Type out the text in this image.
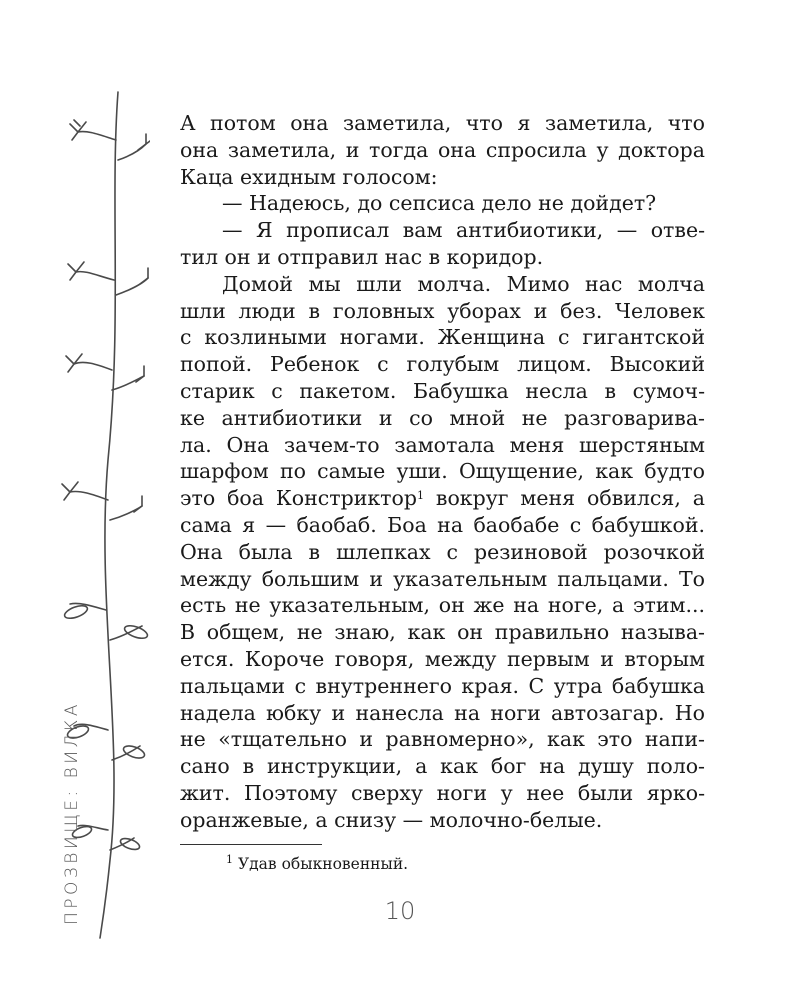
ПРОЗВИЩЕ: ВИЛКА
А потом она заметила, что я заметила, что
она заметила, и тогда она спросила у доктора
Каца ехидным голосом:
— Надеюсь, до сепсиса дело не дойдет?
— Я прописал вам антибиотики, — отве-
тил он и отправил нас в коридор.
Домой мы шли молча. Мимо нас молча
шли люди в головных уборах и без. Человек
с козлиными ногами. Женщина с гигантской
попой. Ребенок с голубым лицом. Высокий
старик с пакетом. Бабушка несла в сумоч-
ке антибиотики и со мной не разговарива-
ла. Она зачем-то замотала меня шерстяным
шарфом по самые уши. Ощущение, как будто
это боа Констриктор$^1$ вокруг меня обвился, а
сама я — баобаб. Боа на баобабе с бабушкой.
Она была в шлепках с резиновой розочкой
между большим и указательным пальцами. То
есть не указательным, он же на ноге, а этим...
В общем, не знаю, как он правильно называ-
ется. Короче говоря, между первым и вторым
пальцами с внутреннего края. С утра бабушка
надела юбку и нанесла на ноги автозагар. Но
не «тщательно и равномерно», как это напи-
сано в инструкции, а как бог на душу поло-
жит. Поэтому сверху ноги у нее были ярко-
оранжевые, а снизу — молочно-белые.
$^1$ Удав обыкновенный.
10
